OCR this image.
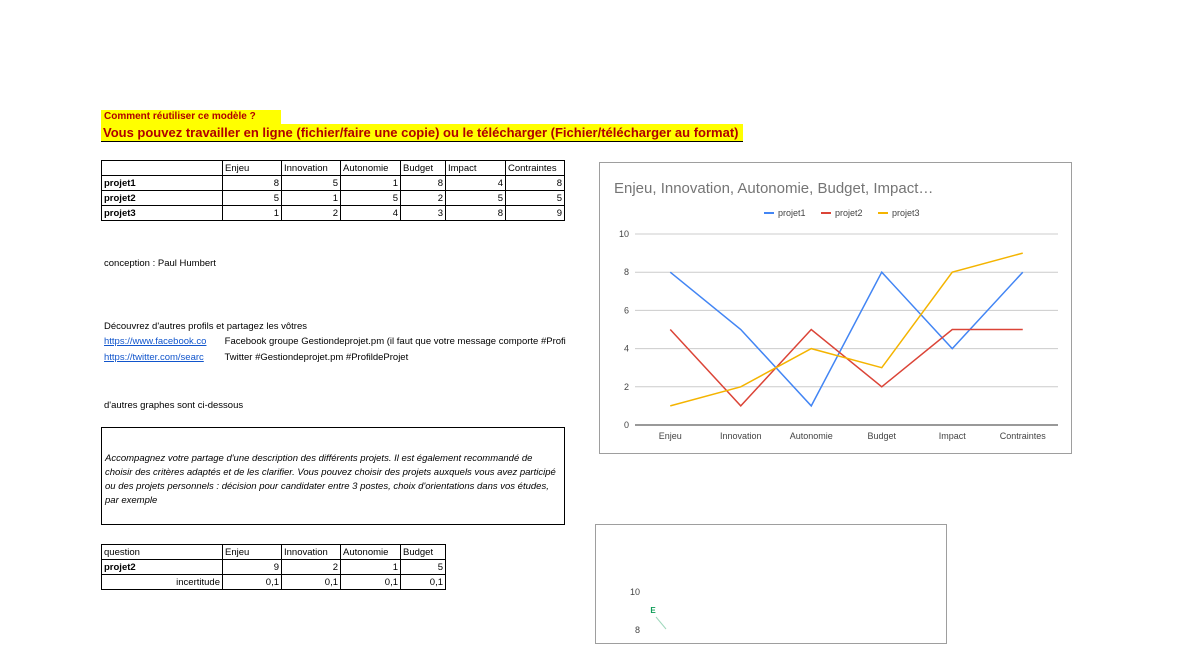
Comment réutiliser ce modèle ?
Vous pouvez travailler en ligne (fichier/faire une copie) ou le télécharger (Fichier/télécharger au format)
	Enjeu	Innovation	Autonomie	Budget	Impact	Contraintes
projet1	8	5	1	8	4	8
projet2	5	1	5	2	5	5
projet3	1	2	4	3	8	9
conception : Paul Humbert
Découvrez d'autres profils et partagez les vôtres
https://www.facebook.co Facebook groupe Gestiondeprojet.pm (il faut que votre message comporte #Profi
https://twitter.com/searc Twitter #Gestiondeprojet.pm #ProfildeProjet
d'autres graphes sont ci-dessous
Accompagnez votre partage d'une description des différents projets. Il est également recommandé de choisir des critères adaptés et de les clarifier. Vous pouvez choisir des projets auxquels vous avez participé ou des projets personnels : décision pour candidater entre 3 postes, choix d'orientations dans vos études, par exemple
question	Enjeu	Innovation	Autonomie	Budget
projet2	9	2	1	5
incertitude	0,1	0,1	0,1	0,1
Enjeu, Innovation, Autonomie, Budget, Impact…
0
2
4
6
8
10
Enjeu	Innovation	Autonomie	Budget	Impact	Contraintes
projet1	projet2	projet3
10
E
8
